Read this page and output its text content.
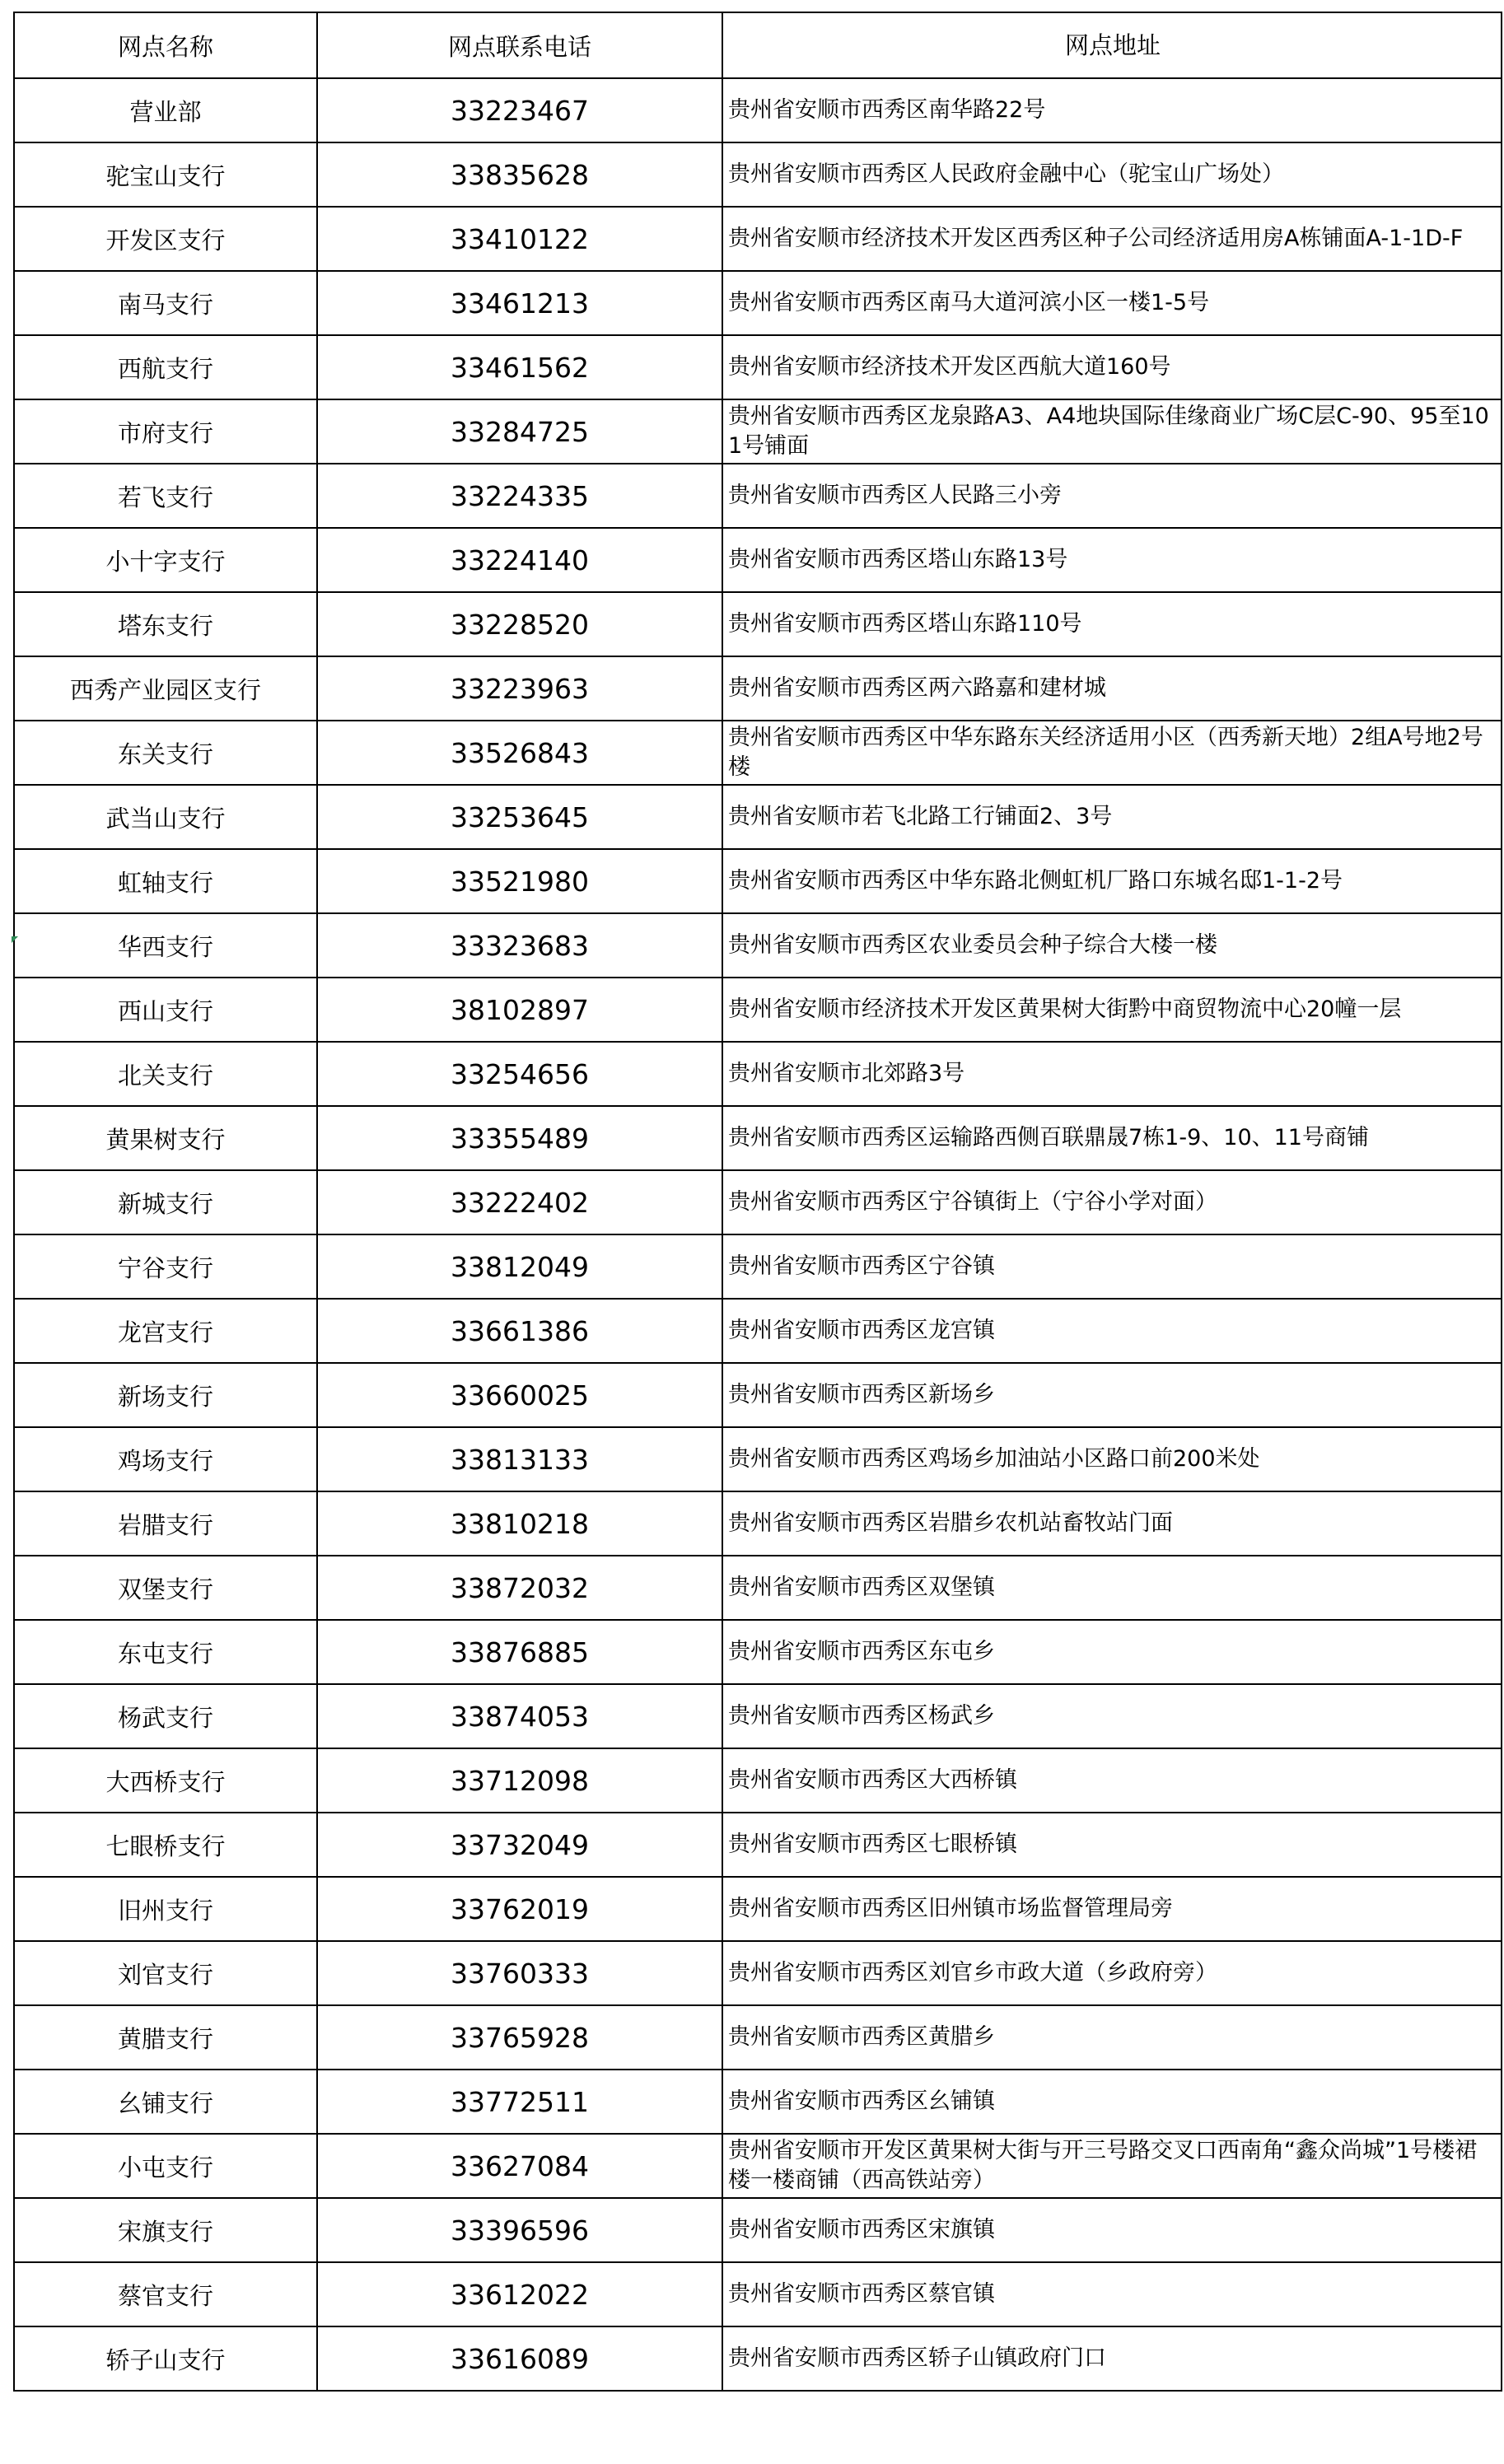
网点名称	网点联系电话	网点地址
营业部	33223467	贵州省安顺市西秀区南华路22号
驼宝山支行	33835628	贵州省安顺市西秀区人民政府金融中心（驼宝山广场处）
开发区支行	33410122	贵州省安顺市经济技术开发区西秀区种子公司经济适用房A栋铺面A-1-1D-F
南马支行	33461213	贵州省安顺市西秀区南马大道河滨小区一楼1-5号
西航支行	33461562	贵州省安顺市经济技术开发区西航大道160号
市府支行	33284725	贵州省安顺市西秀区龙泉路A3、A4地块国际佳缘商业广场C层C-90、95至101号铺面
若飞支行	33224335	贵州省安顺市西秀区人民路三小旁
小十字支行	33224140	贵州省安顺市西秀区塔山东路13号
塔东支行	33228520	贵州省安顺市西秀区塔山东路110号
西秀产业园区支行	33223963	贵州省安顺市西秀区两六路嘉和建材城
东关支行	33526843	贵州省安顺市西秀区中华东路东关经济适用小区（西秀新天地）2组A号地2号楼
武当山支行	33253645	贵州省安顺市若飞北路工行铺面2、3号
虹轴支行	33521980	贵州省安顺市西秀区中华东路北侧虹机厂路口东城名邸1-1-2号
华西支行	33323683	贵州省安顺市西秀区农业委员会种子综合大楼一楼
西山支行	38102897	贵州省安顺市经济技术开发区黄果树大街黔中商贸物流中心20幢一层
北关支行	33254656	贵州省安顺市北郊路3号
黄果树支行	33355489	贵州省安顺市西秀区运输路西侧百联鼎晟7栋1-9、10、11号商铺
新城支行	33222402	贵州省安顺市西秀区宁谷镇街上（宁谷小学对面）
宁谷支行	33812049	贵州省安顺市西秀区宁谷镇
龙宫支行	33661386	贵州省安顺市西秀区龙宫镇
新场支行	33660025	贵州省安顺市西秀区新场乡
鸡场支行	33813133	贵州省安顺市西秀区鸡场乡加油站小区路口前200米处
岩腊支行	33810218	贵州省安顺市西秀区岩腊乡农机站畜牧站门面
双堡支行	33872032	贵州省安顺市西秀区双堡镇
东屯支行	33876885	贵州省安顺市西秀区东屯乡
杨武支行	33874053	贵州省安顺市西秀区杨武乡
大西桥支行	33712098	贵州省安顺市西秀区大西桥镇
七眼桥支行	33732049	贵州省安顺市西秀区七眼桥镇
旧州支行	33762019	贵州省安顺市西秀区旧州镇市场监督管理局旁
刘官支行	33760333	贵州省安顺市西秀区刘官乡市政大道（乡政府旁）
黄腊支行	33765928	贵州省安顺市西秀区黄腊乡
幺铺支行	33772511	贵州省安顺市西秀区幺铺镇
小屯支行	33627084	贵州省安顺市开发区黄果树大街与开三号路交叉口西南角“鑫众尚城”1号楼裙楼一楼商铺（西高铁站旁）
宋旗支行	33396596	贵州省安顺市西秀区宋旗镇
蔡官支行	33612022	贵州省安顺市西秀区蔡官镇
轿子山支行	33616089	贵州省安顺市西秀区轿子山镇政府门口
